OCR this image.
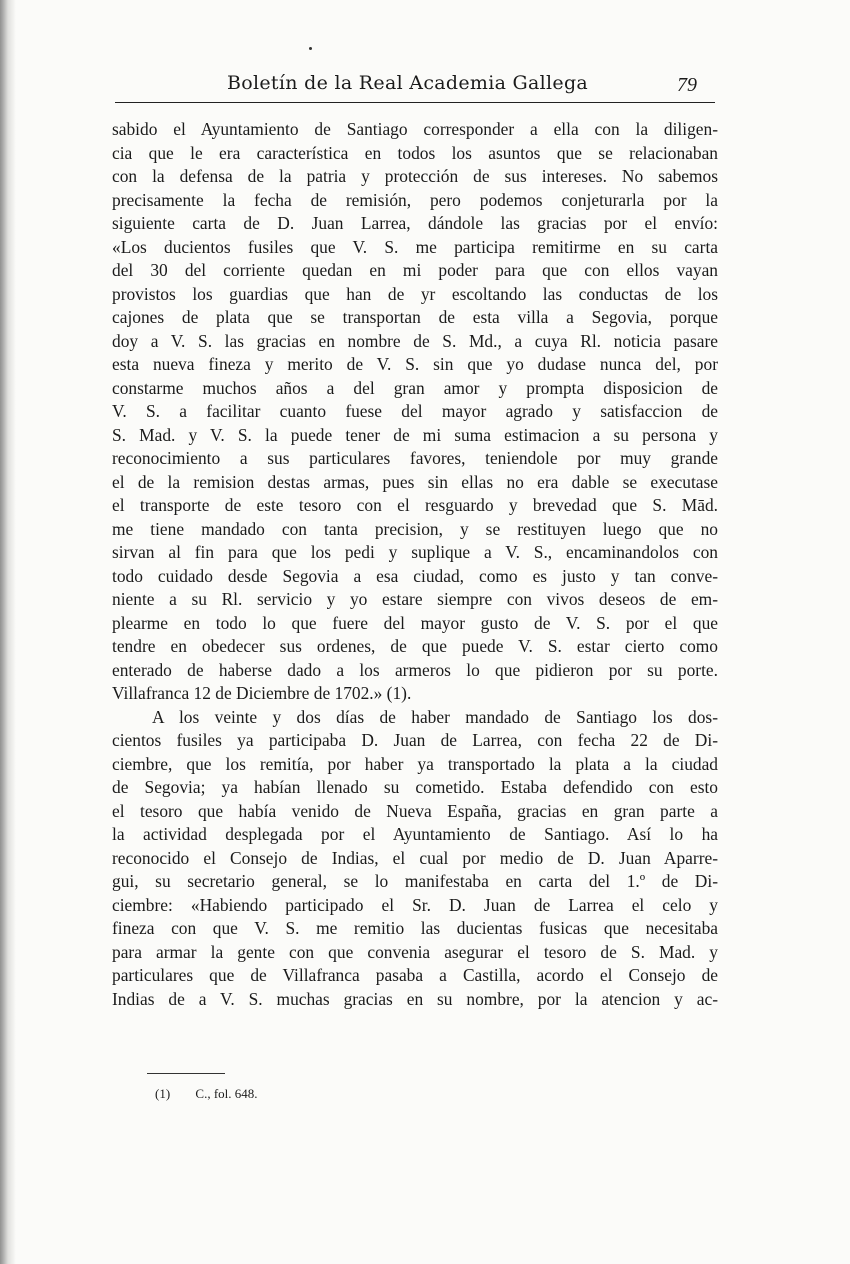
Boletín de la Real Academia Gallega	79
sabido el Ayuntamiento de Santiago corresponder a ella con la diligen-
cia que le era característica en todos los asuntos que se relacionaban
con la defensa de la patria y protección de sus intereses. No sabemos
precisamente la fecha de remisión, pero podemos conjeturarla por la
siguiente carta de D. Juan Larrea, dándole las gracias por el envío:
«Los ducientos fusiles que V. S. me participa remitirme en su carta
del 30 del corriente quedan en mi poder para que con ellos vayan
provistos los guardias que han de yr escoltando las conductas de los
cajones de plata que se transportan de esta villa a Segovia, porque
doy a V. S. las gracias en nombre de S. Md., a cuya Rl. noticia pasare
esta nueva fineza y merito de V. S. sin que yo dudase nunca del, por
constarme muchos años a del gran amor y prompta disposicion de
V. S. a facilitar cuanto fuese del mayor agrado y satisfaccion de
S. Mad. y V. S. la puede tener de mi suma estimacion a su persona y
reconocimiento a sus particulares favores, teniendole por muy grande
el de la remision destas armas, pues sin ellas no era dable se executase
el transporte de este tesoro con el resguardo y brevedad que S. Mād.
me tiene mandado con tanta precision, y se restituyen luego que no
sirvan al fin para que los pedi y suplique a V. S., encaminandolos con
todo cuidado desde Segovia a esa ciudad, como es justo y tan conve-
niente a su Rl. servicio y yo estare siempre con vivos deseos de em-
plearme en todo lo que fuere del mayor gusto de V. S. por el que
tendre en obedecer sus ordenes, de que puede V. S. estar cierto como
enterado de haberse dado a los armeros lo que pidieron por su porte.
Villafranca 12 de Diciembre de 1702.» (1).
A los veinte y dos días de haber mandado de Santiago los dos-
cientos fusiles ya participaba D. Juan de Larrea, con fecha 22 de Di-
ciembre, que los remitía, por haber ya transportado la plata a la ciudad
de Segovia; ya habían llenado su cometido. Estaba defendido con esto
el tesoro que había venido de Nueva España, gracias en gran parte a
la actividad desplegada por el Ayuntamiento de Santiago. Así lo ha
reconocido el Consejo de Indias, el cual por medio de D. Juan Aparre-
gui, su secretario general, se lo manifestaba en carta del 1.º de Di-
ciembre: «Habiendo participado el Sr. D. Juan de Larrea el celo y
fineza con que V. S. me remitio las ducientas fusicas que necesitaba
para armar la gente con que convenia asegurar el tesoro de S. Mad. y
particulares que de Villafranca pasaba a Castilla, acordo el Consejo de
Indias de a V. S. muchas gracias en su nombre, por la atencion y ac-
(1) C., fol. 648.
